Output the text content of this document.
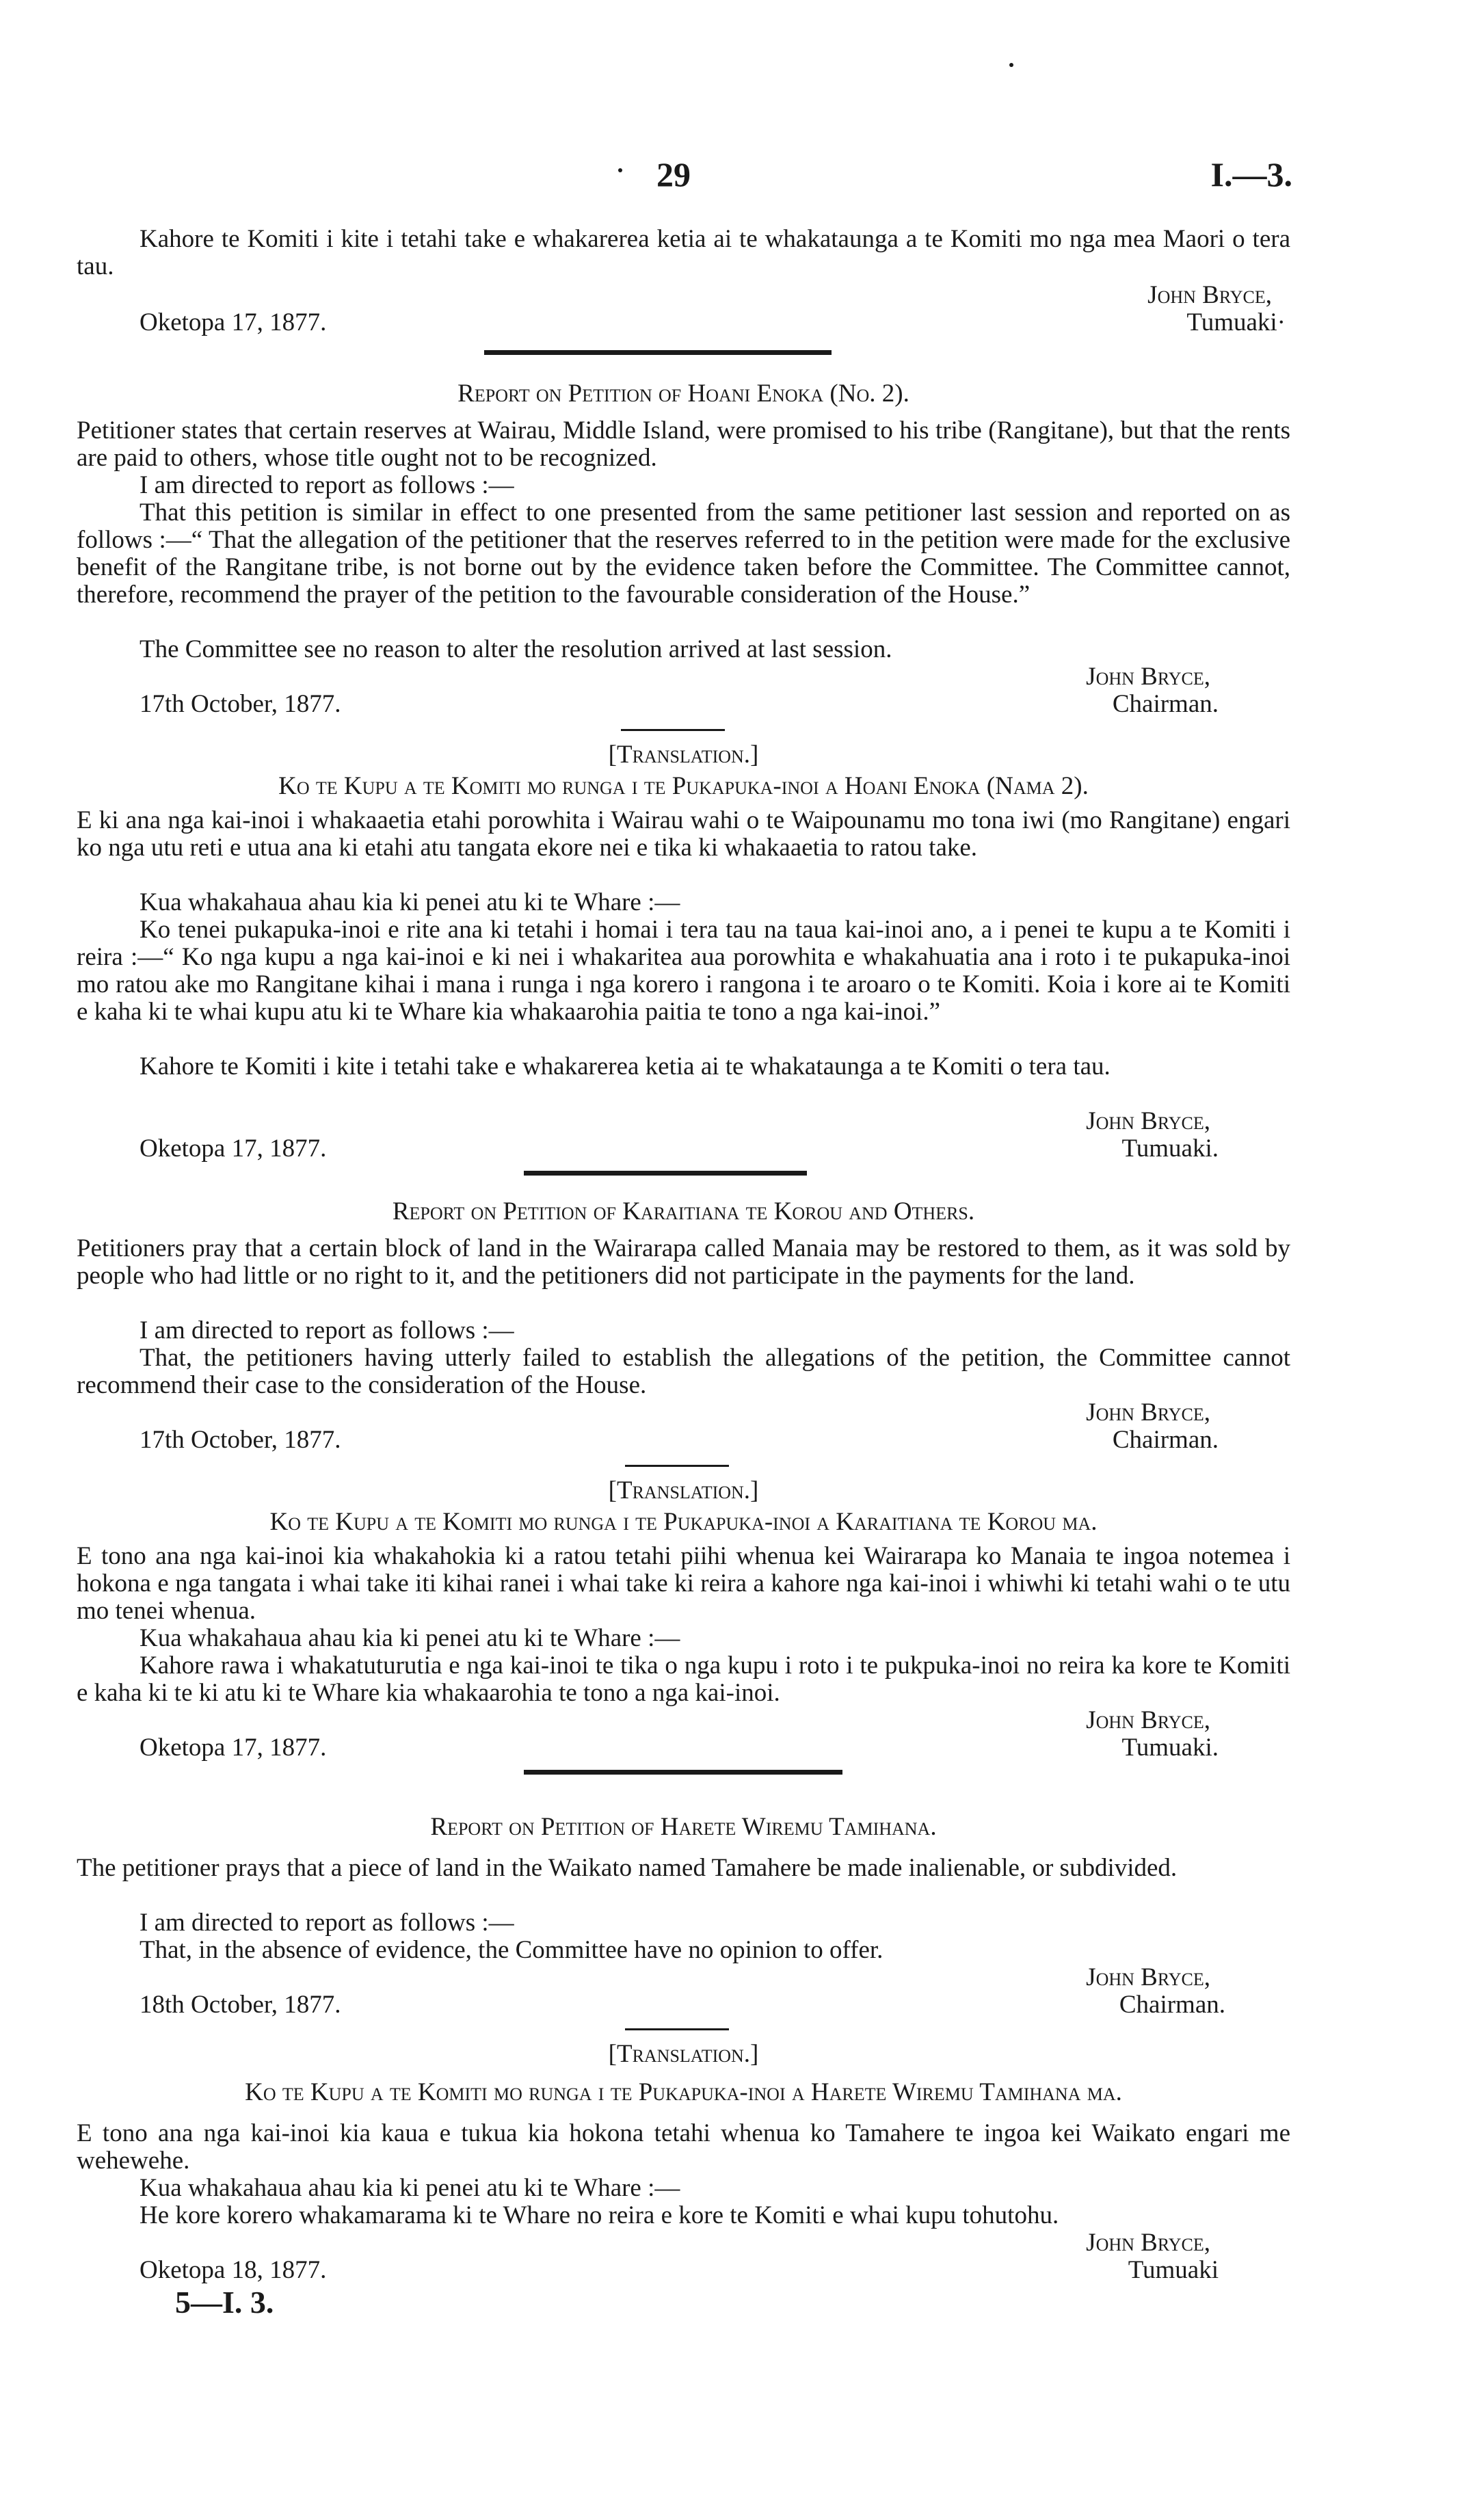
29	I.—3.
Kahore te Komiti i kite i tetahi take e whakarerea ketia ai te whakataunga a te Komiti mo nga mea Maori o tera tau.
John Bryce,
Oketopa 17, 1877.	Tumuaki·
Report on Petition of Hoani Enoka (No. 2).
Petitioner states that certain reserves at Wairau, Middle Island, were promised to his tribe (Rangitane), but that the rents are paid to others, whose title ought not to be recognized.
I am directed to report as follows :—
That this petition is similar in effect to one presented from the same petitioner last session and reported on as follows :—“ That the allegation of the petitioner that the reserves referred to in the petition were made for the exclusive benefit of the Rangitane tribe, is not borne out by the evidence taken before the Committee. The Committee cannot, therefore, recommend the prayer of the petition to the favourable consideration of the House.”
The Committee see no reason to alter the resolution arrived at last session.
John Bryce,
17th October, 1877.	Chairman.
[Translation.]
Ko te Kupu a te Komiti mo runga i te Pukapuka-inoi a Hoani Enoka (Nama 2).
E ki ana nga kai-inoi i whakaaetia etahi porowhita i Wairau wahi o te Waipounamu mo tona iwi (mo Rangitane) engari ko nga utu reti e utua ana ki etahi atu tangata ekore nei e tika ki whakaaetia to ratou take.
Kua whakahaua ahau kia ki penei atu ki te Whare :—
Ko tenei pukapuka-inoi e rite ana ki tetahi i homai i tera tau na taua kai-inoi ano, a i penei te kupu a te Komiti i reira :—“ Ko nga kupu a nga kai-inoi e ki nei i whakaritea aua porowhita e whakahuatia ana i roto i te pukapuka-inoi mo ratou ake mo Rangitane kihai i mana i runga i nga korero i rangona i te aroaro o te Komiti. Koia i kore ai te Komiti e kaha ki te whai kupu atu ki te Whare kia whakaarohia paitia te tono a nga kai-inoi.”
Kahore te Komiti i kite i tetahi take e whakarerea ketia ai te whakataunga a te Komiti o tera tau.
John Bryce,
Oketopa 17, 1877.	Tumuaki.
Report on Petition of Karaitiana te Korou and Others.
Petitioners pray that a certain block of land in the Wairarapa called Manaia may be restored to them, as it was sold by people who had little or no right to it, and the petitioners did not participate in the payments for the land.
I am directed to report as follows :—
That, the petitioners having utterly failed to establish the allegations of the petition, the Committee cannot recommend their case to the consideration of the House.
John Bryce,
17th October, 1877.	Chairman.
[Translation.]
Ko te Kupu a te Komiti mo runga i te Pukapuka-inoi a Karaitiana te Korou ma.
E tono ana nga kai-inoi kia whakahokia ki a ratou tetahi piihi whenua kei Wairarapa ko Manaia te ingoa notemea i hokona e nga tangata i whai take iti kihai ranei i whai take ki reira a kahore nga kai-inoi i whiwhi ki tetahi wahi o te utu mo tenei whenua.
Kua whakahaua ahau kia ki penei atu ki te Whare :—
Kahore rawa i whakatuturutia e nga kai-inoi te tika o nga kupu i roto i te pukpuka-inoi no reira ka kore te Komiti e kaha ki te ki atu ki te Whare kia whakaarohia te tono a nga kai-inoi.
John Bryce,
Oketopa 17, 1877.	Tumuaki.
Report on Petition of Harete Wiremu Tamihana.
The petitioner prays that a piece of land in the Waikato named Tamahere be made inalienable, or subdivided.
I am directed to report as follows :—
That, in the absence of evidence, the Committee have no opinion to offer.
John Bryce,
18th October, 1877.	Chairman.
[Translation.]
Ko te Kupu a te Komiti mo runga i te Pukapuka-inoi a Harete Wiremu Tamihana ma.
E tono ana nga kai-inoi kia kaua e tukua kia hokona tetahi whenua ko Tamahere te ingoa kei Waikato engari me wehewehe.
Kua whakahaua ahau kia ki penei atu ki te Whare :—
He kore korero whakamarama ki te Whare no reira e kore te Komiti e whai kupu tohutohu.
John Bryce,
Oketopa 18, 1877.	Tumuaki
5—I. 3.
